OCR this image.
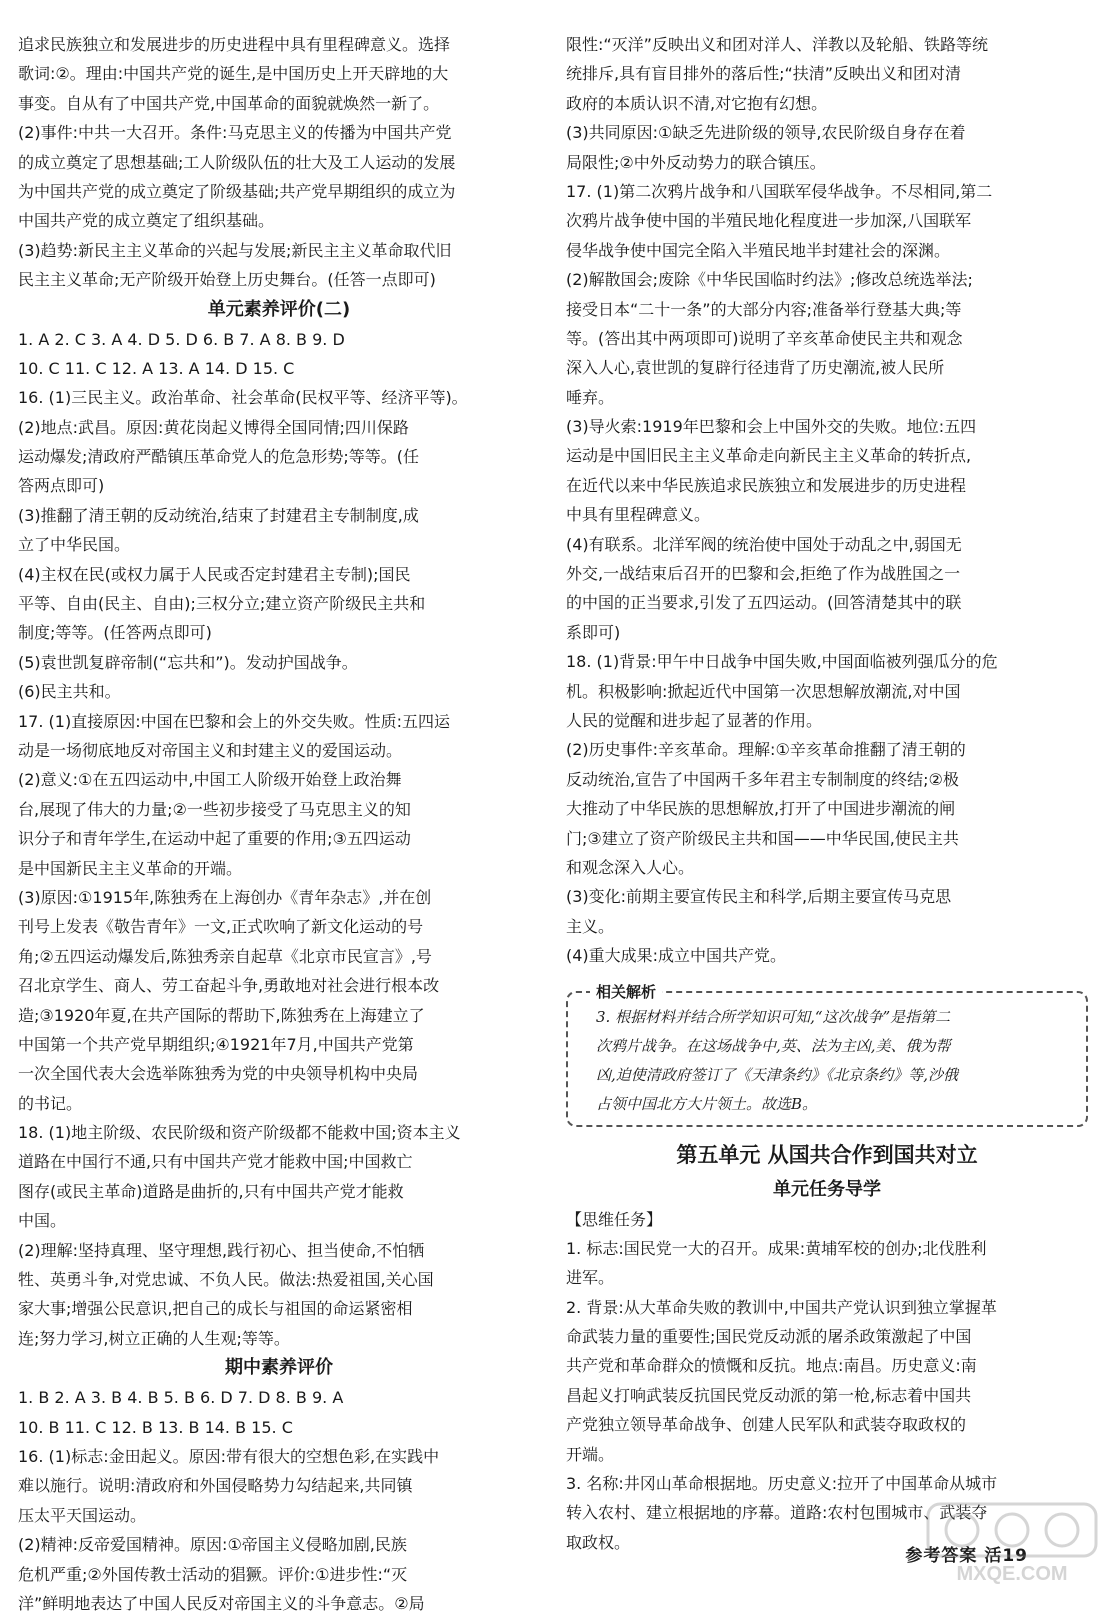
追求民族独立和发展进步的历史进程中具有里程碑意义。选择
歌词:②。理由:中国共产党的诞生,是中国历史上开天辟地的大
事变。自从有了中国共产党,中国革命的面貌就焕然一新了。
(2)事件:中共一大召开。条件:马克思主义的传播为中国共产党
的成立奠定了思想基础;工人阶级队伍的壮大及工人运动的发展
为中国共产党的成立奠定了阶级基础;共产党早期组织的成立为
中国共产党的成立奠定了组织基础。
(3)趋势:新民主主义革命的兴起与发展;新民主主义革命取代旧
民主主义革命;无产阶级开始登上历史舞台。(任答一点即可)
单元素养评价(二)
1. A 2. C 3. A 4. D 5. D 6. B 7. A 8. B 9. D
10. C 11. C 12. A 13. A 14. D 15. C
16. (1)三民主义。政治革命、社会革命(民权平等、经济平等)。
(2)地点:武昌。原因:黄花岗起义博得全国同情;四川保路
运动爆发;清政府严酷镇压革命党人的危急形势;等等。(任
答两点即可)
(3)推翻了清王朝的反动统治,结束了封建君主专制制度,成
立了中华民国。
(4)主权在民(或权力属于人民或否定封建君主专制);国民
平等、自由(民主、自由);三权分立;建立资产阶级民主共和
制度;等等。(任答两点即可)
(5)袁世凯复辟帝制(“忘共和”)。发动护国战争。
(6)民主共和。
17. (1)直接原因:中国在巴黎和会上的外交失败。性质:五四运
动是一场彻底地反对帝国主义和封建主义的爱国运动。
(2)意义:①在五四运动中,中国工人阶级开始登上政治舞
台,展现了伟大的力量;②一些初步接受了马克思主义的知
识分子和青年学生,在运动中起了重要的作用;③五四运动
是中国新民主主义革命的开端。
(3)原因:①1915年,陈独秀在上海创办《青年杂志》,并在创
刊号上发表《敬告青年》一文,正式吹响了新文化运动的号
角;②五四运动爆发后,陈独秀亲自起草《北京市民宣言》,号
召北京学生、商人、劳工奋起斗争,勇敢地对社会进行根本改
造;③1920年夏,在共产国际的帮助下,陈独秀在上海建立了
中国第一个共产党早期组织;④1921年7月,中国共产党第
一次全国代表大会选举陈独秀为党的中央领导机构中央局
的书记。
18. (1)地主阶级、农民阶级和资产阶级都不能救中国;资本主义
道路在中国行不通,只有中国共产党才能救中国;中国救亡
图存(或民主革命)道路是曲折的,只有中国共产党才能救
中国。
(2)理解:坚持真理、坚守理想,践行初心、担当使命,不怕牺
牲、英勇斗争,对党忠诚、不负人民。做法:热爱祖国,关心国
家大事;增强公民意识,把自己的成长与祖国的命运紧密相
连;努力学习,树立正确的人生观;等等。
期中素养评价
1. B 2. A 3. B 4. B 5. B 6. D 7. D 8. B 9. A
10. B 11. C 12. B 13. B 14. B 15. C
16. (1)标志:金田起义。原因:带有很大的空想色彩,在实践中
难以施行。说明:清政府和外国侵略势力勾结起来,共同镇
压太平天国运动。
(2)精神:反帝爱国精神。原因:①帝国主义侵略加剧,民族
危机严重;②外国传教士活动的猖獗。评价:①进步性:“灭
洋”鲜明地表达了中国人民反对帝国主义的斗争意志。②局
限性:“灭洋”反映出义和团对洋人、洋教以及轮船、铁路等统
统排斥,具有盲目排外的落后性;“扶清”反映出义和团对清
政府的本质认识不清,对它抱有幻想。
(3)共同原因:①缺乏先进阶级的领导,农民阶级自身存在着
局限性;②中外反动势力的联合镇压。
17. (1)第二次鸦片战争和八国联军侵华战争。不尽相同,第二
次鸦片战争使中国的半殖民地化程度进一步加深,八国联军
侵华战争使中国完全陷入半殖民地半封建社会的深渊。
(2)解散国会;废除《中华民国临时约法》;修改总统选举法;
接受日本“二十一条”的大部分内容;准备举行登基大典;等
等。(答出其中两项即可)说明了辛亥革命使民主共和观念
深入人心,袁世凯的复辟行径违背了历史潮流,被人民所
唾弃。
(3)导火索:1919年巴黎和会上中国外交的失败。地位:五四
运动是中国旧民主主义革命走向新民主主义革命的转折点,
在近代以来中华民族追求民族独立和发展进步的历史进程
中具有里程碑意义。
(4)有联系。北洋军阀的统治使中国处于动乱之中,弱国无
外交,一战结束后召开的巴黎和会,拒绝了作为战胜国之一
的中国的正当要求,引发了五四运动。(回答清楚其中的联
系即可)
18. (1)背景:甲午中日战争中国失败,中国面临被列强瓜分的危
机。积极影响:掀起近代中国第一次思想解放潮流,对中国
人民的觉醒和进步起了显著的作用。
(2)历史事件:辛亥革命。理解:①辛亥革命推翻了清王朝的
反动统治,宣告了中国两千多年君主专制制度的终结;②极
大推动了中华民族的思想解放,打开了中国进步潮流的闸
门;③建立了资产阶级民主共和国——中华民国,使民主共
和观念深入人心。
(3)变化:前期主要宣传民主和科学,后期主要宣传马克思
主义。
(4)重大成果:成立中国共产党。
相关解析
3. 根据材料并结合所学知识可知,“这次战争”是指第二
次鸦片战争。在这场战争中,英、法为主凶,美、俄为帮
凶,迫使清政府签订了《天津条约》《北京条约》等,沙俄
占领中国北方大片领土。故选B。
第五单元 从国共合作到国共对立
单元任务导学
【思维任务】
1. 标志:国民党一大的召开。成果:黄埔军校的创办;北伐胜利
进军。
2. 背景:从大革命失败的教训中,中国共产党认识到独立掌握革
命武装力量的重要性;国民党反动派的屠杀政策激起了中国
共产党和革命群众的愤慨和反抗。地点:南昌。历史意义:南
昌起义打响武装反抗国民党反动派的第一枪,标志着中国共
产党独立领导革命战争、创建人民军队和武装夺取政权的
开端。
3. 名称:井冈山革命根据地。历史意义:拉开了中国革命从城市
转入农村、建立根据地的序幕。道路:农村包围城市、武装夺
取政权。
参考答案 活19
MXQE.COM
